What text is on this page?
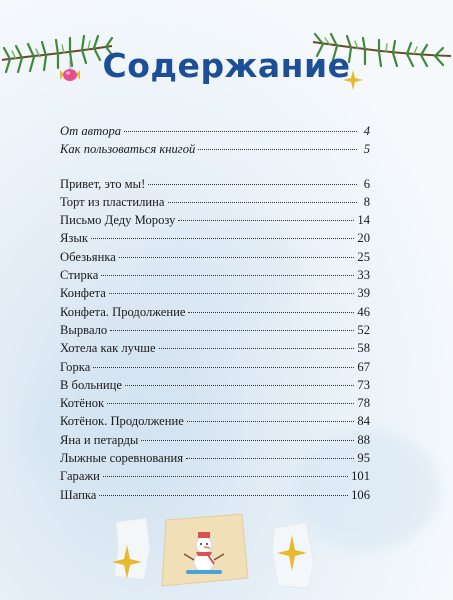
Содержание
От автора	4
Как пользоваться книгой	5
Привет, это мы!	6
Торт из пластилина	8
Письмо Деду Морозу	14
Язык	20
Обезьянка	25
Стирка	33
Конфета	39
Конфета. Продолжение	46
Вырвало	52
Хотела как лучше	58
Горка	67
В больнице	73
Котёнок	78
Котёнок. Продолжение	84
Яна и петарды	88
Лыжные соревнования	95
Гаражи	101
Шапка	106
